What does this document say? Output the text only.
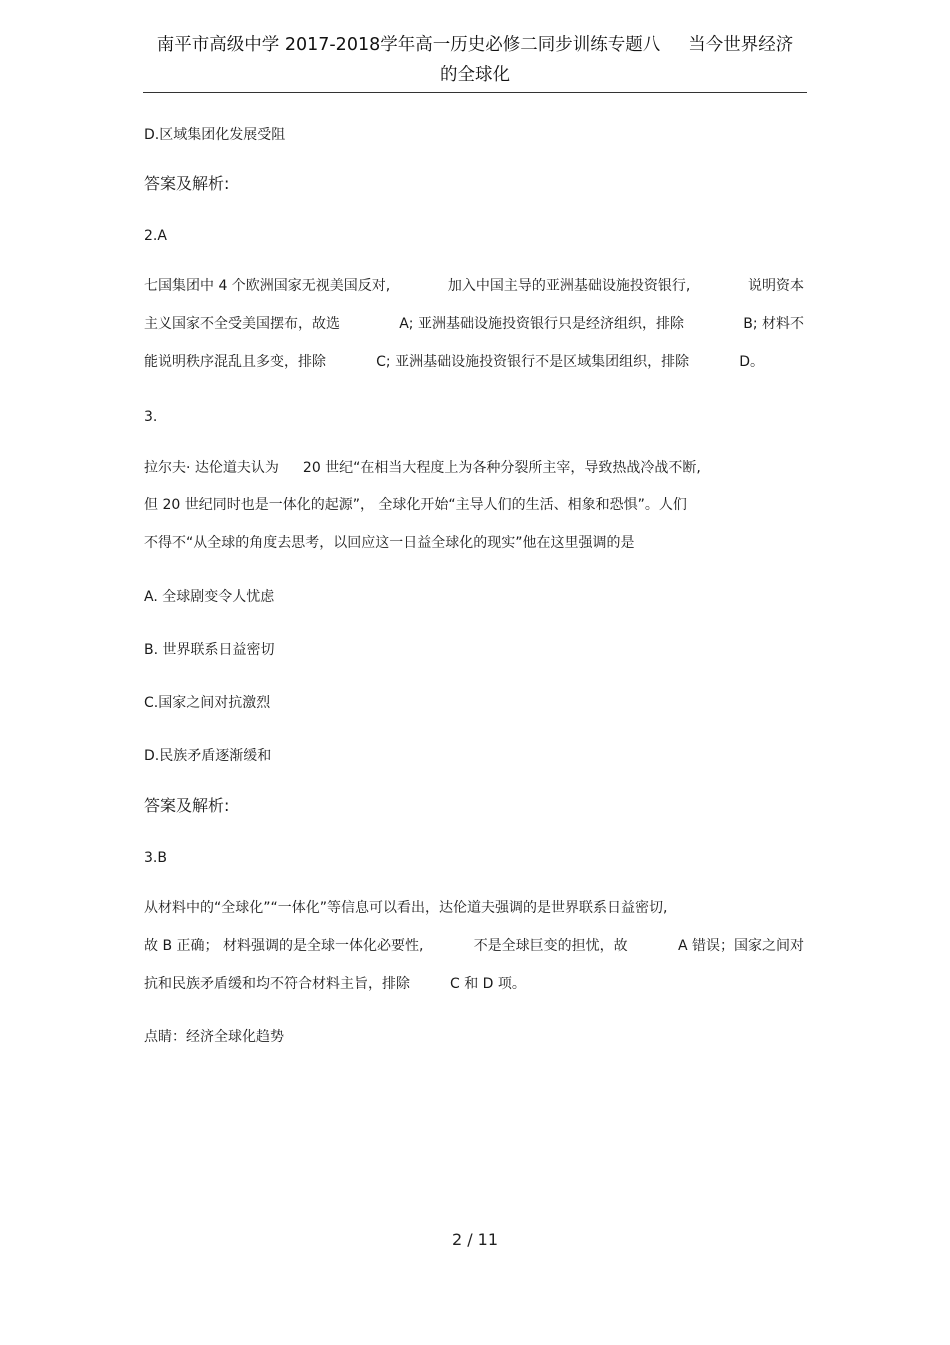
南平市高级中学 2017-2018学年高一历史必修二同步训练专题八 当今世界经济
的全球化
D.区域集团化发展受阻
答案及解析:
2.A
七国集团中 4 个欧洲国家无视美国反对,	加入中国主导的亚洲基础设施投资银行,	说明资本
主义国家不全受美国摆布，故选	A; 亚洲基础设施投资银行只是经济组织，排除	B; 材料不
能说明秩序混乱且多变，排除	C; 亚洲基础设施投资银行不是区域集团组织，排除	D。
3.
拉尔夫· 达伦道夫认为 20 世纪“在相当大程度上为各种分裂所主宰，导致热战冷战不断,
但 20 世纪同时也是一体化的起源”， 全球化开始“主导人们的生活、相象和恐惧”。人们
不得不“从全球的角度去思考，以回应这一日益全球化的现实”他在这里强调的是
A. 全球剧变令人忧虑
B. 世界联系日益密切
C.国家之间对抗激烈
D.民族矛盾逐渐缓和
答案及解析:
3.B
从材料中的“全球化”“一体化”等信息可以看出，达伦道夫强调的是世界联系日益密切,
故 B 正确； 材料强调的是全球一体化必要性,	不是全球巨变的担忧，故	A 错误；国家之间对
抗和民族矛盾缓和均不符合材料主旨，排除	C 和 D 项。
点睛：经济全球化趋势
2 / 11
